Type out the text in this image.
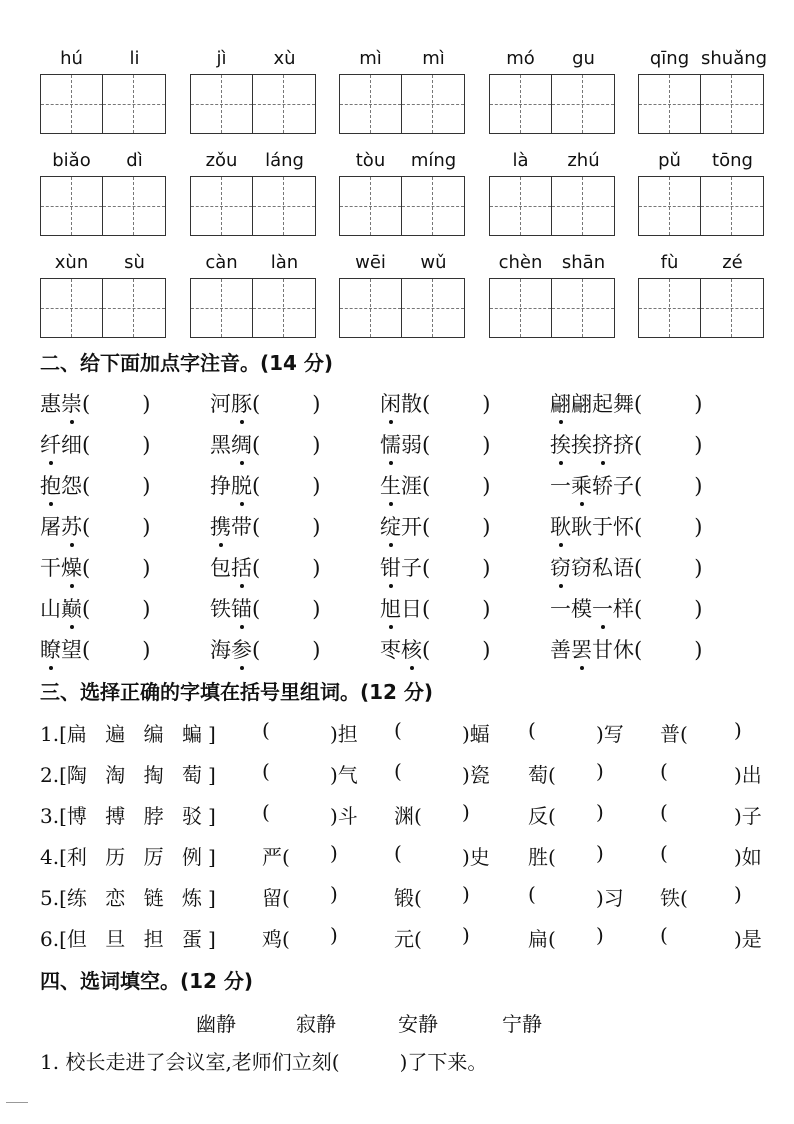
hú	li	jì	xù	mì	mì	mó	gu	qīng shuǎng
biǎo	dì	zǒu	láng	tòu	míng	là	zhú	pǔ	tōng
xùn	sù	càn	làn	wēi	wǔ	chèn	shān	fù	zé
二、给下面加点字注音。(14 分)
惠崇( )	河豚( )	闲散( )	翩翩起舞( )
纤细( )	黑绸( )	懦弱( )	挨挨挤挤( )
抱怨( )	挣脱( )	生涯( )	一乘轿子( )
屠苏( )	携带( )	绽开( )	耿耿于怀( )
干燥( )	包括( )	钳子( )	窃窃私语( )
山巅( )	铁锚( )	旭日( )	一模一样( )
瞭望( )	海参( )	枣核( )	善罢甘休( )
三、选择正确的字填在括号里组词。(12 分)
1.[扁 遍 编 蝙] (	)担 (	)蝠 (	)写 普( )
2.[陶 淘 掏 萄] (	)气 (	)瓷 萄( )	(	)出
3.[博 搏 脖 驳] (	)斗 渊( )	反( )	(	)子
4.[利 历 厉 例] 严( )	(	)史 胜( )	(	)如
5.[练 恋 链 炼] 留( )	锻( )	(	)习 铁( )
6.[但 旦 担 蛋] 鸡( )	元( )	扁( )	(	)是
四、选词填空。(12 分)
幽静	寂静	安静	宁静
1. 校长走进了会议室,老师们立刻(　　　)了下来。
